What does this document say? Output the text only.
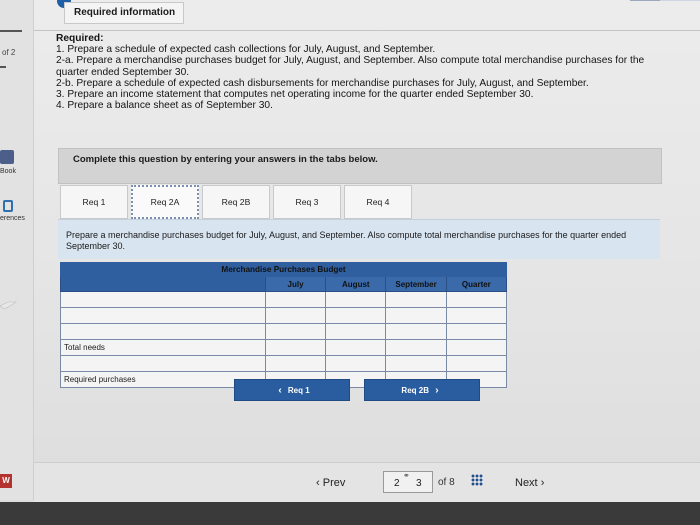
of 2
Book
erences
W
Required information
Required:
1. Prepare a schedule of expected cash collections for July, August, and September.
2-a. Prepare a merchandise purchases budget for July, August, and September. Also compute total merchandise purchases for the
quarter ended September 30.
2-b. Prepare a schedule of expected cash disbursements for merchandise purchases for July, August, and September.
3. Prepare an income statement that computes net operating income for the quarter ended September 30.
4. Prepare a balance sheet as of September 30.
Complete this question by entering your answers in the tabs below.
Req 1	Req 2A	Req 2B	Req 3	Req 4
Prepare a merchandise purchases budget for July, August, and September. Also compute total merchandise purchases for the quarter ended September 30.
Merchandise Purchases Budget				
	July	August	September	Quarter

Total needs				

Required purchases				
‹ Req 1	Req 2B ›
‹ Prev
⚭
2 3 of 8	Next ›
